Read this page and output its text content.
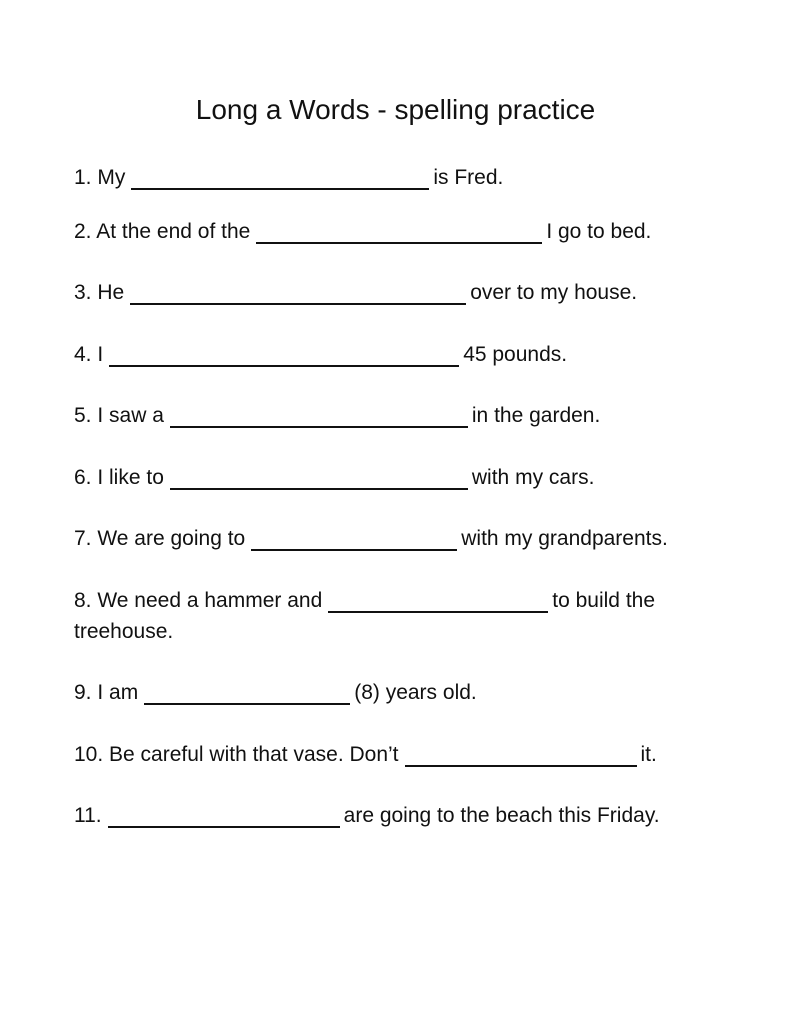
Long a Words - spelling practice
1. My	is Fred.
2. At the end of the	I go to bed.
3. He	over to my house.
4. I	45 pounds.
5. I saw a	in the garden.
6. I like to	with my cars.
7. We are going to	with my grandparents.
8. We need a hammer and	to build the
treehouse.
9. I am	(8) years old.
10. Be careful with that vase. Don’t	it.
11.	are going to the beach this Friday.
